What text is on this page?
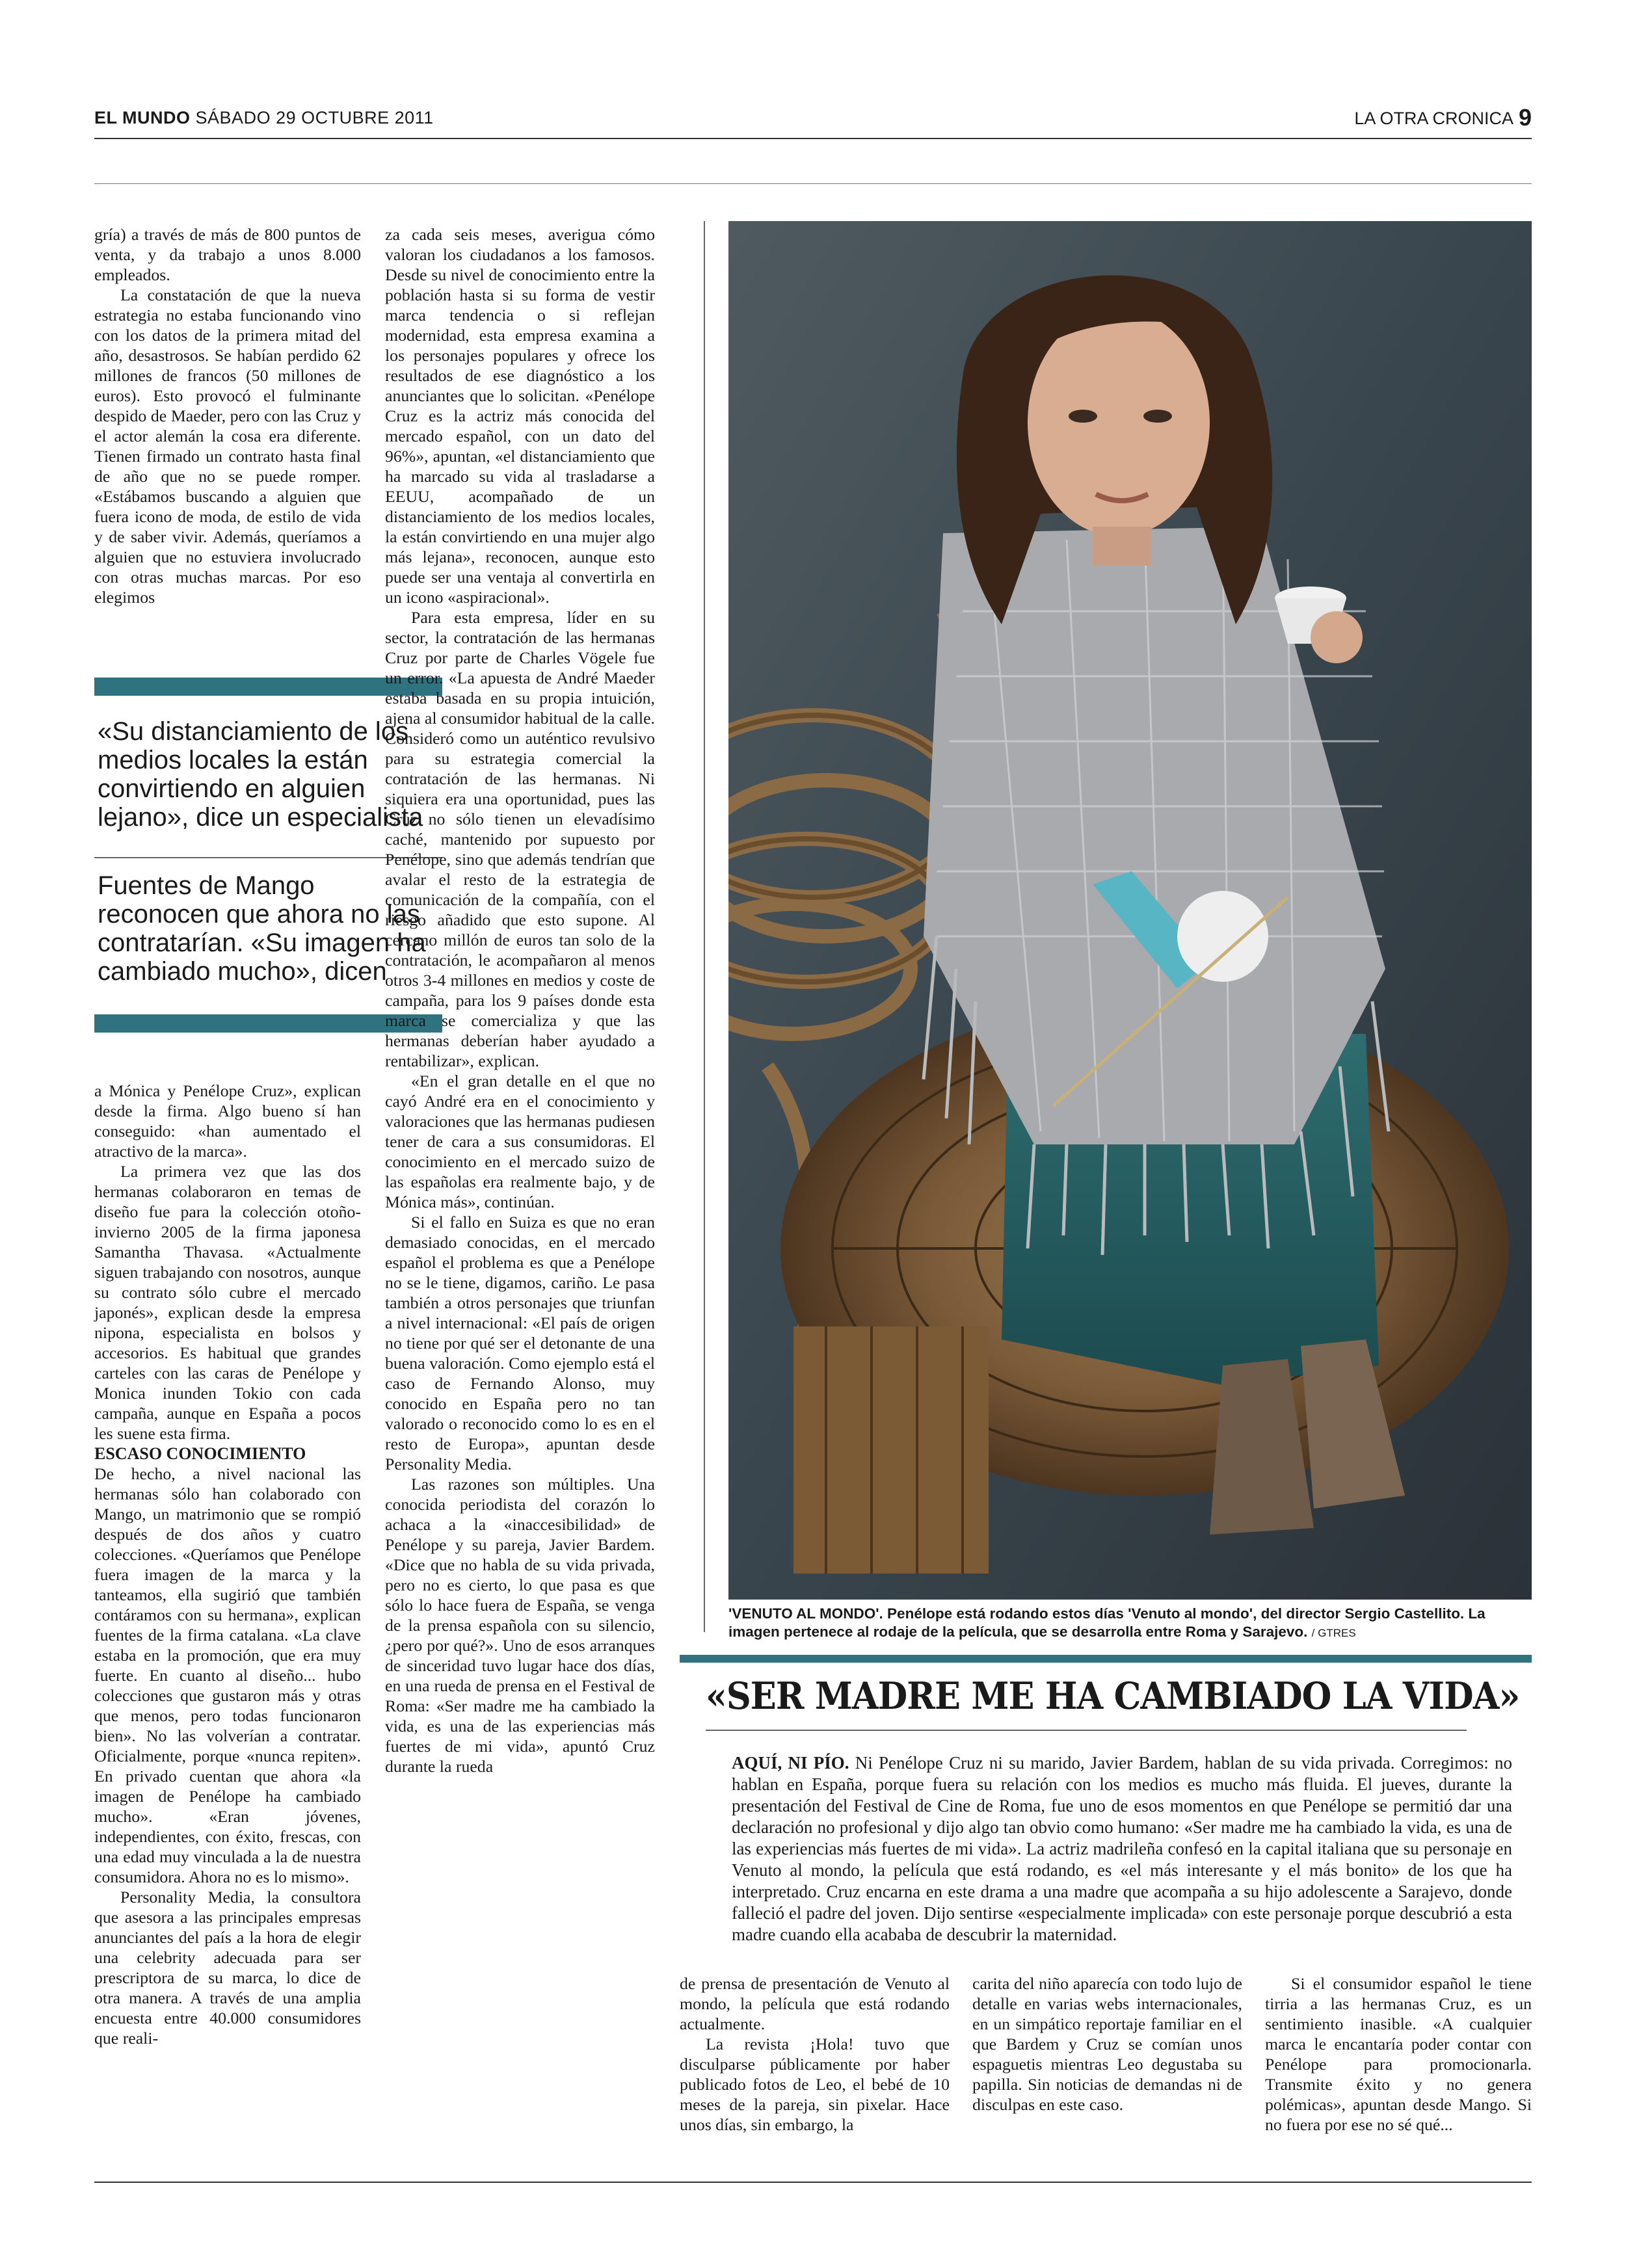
EL MUNDO SÁBADO 29 OCTUBRE 2011	LA OTRA CRONICA 9

gría) a través de más de 800 puntos de venta, y da trabajo a unos 8.000 empleados.

La constatación de que la nueva estrategia no estaba funcionando vino con los datos de la primera mitad del año, desastrosos. Se habían perdido 62 millones de francos (50 millones de euros). Esto provocó el fulminante despido de Maeder, pero con las Cruz y el actor alemán la cosa era diferente. Tienen firmado un contrato hasta final de año que no se puede romper. «Estábamos buscando a alguien que fuera icono de moda, de estilo de vida y de saber vivir. Además, queríamos a alguien que no estuviera involucrado con otras muchas marcas. Por eso elegimos

«Su distanciamiento de los medios locales la están convirtiendo en alguien lejano», dice un especialista
Fuentes de Mango reconocen que ahora no las contratarían. «Su imagen ha cambiado mucho», dicen

a Mónica y Penélope Cruz», explican desde la firma. Algo bueno sí han conseguido: «han aumentado el atractivo de la marca».

La primera vez que las dos hermanas colaboraron en temas de diseño fue para la colección otoño-invierno 2005 de la firma japonesa Samantha Thavasa. «Actualmente siguen trabajando con nosotros, aunque su contrato sólo cubre el mercado japonés», explican desde la empresa nipona, especialista en bolsos y accesorios. Es habitual que grandes carteles con las caras de Penélope y Monica inunden Tokio con cada campaña, aunque en España a pocos les suene esta firma.

ESCASO CONOCIMIENTO

De hecho, a nivel nacional las hermanas sólo han colaborado con Mango, un matrimonio que se rompió después de dos años y cuatro colecciones. «Queríamos que Penélope fuera imagen de la marca y la tanteamos, ella sugirió que también contáramos con su hermana», explican fuentes de la firma catalana. «La clave estaba en la promoción, que era muy fuerte. En cuanto al diseño... hubo colecciones que gustaron más y otras que menos, pero todas funcionaron bien». No las volverían a contratar. Oficialmente, porque «nunca repiten». En privado cuentan que ahora «la imagen de Penélope ha cambiado mucho». «Eran jóvenes, independientes, con éxito, frescas, con una edad muy vinculada a la de nuestra consumidora. Ahora no es lo mismo».

Personality Media, la consultora que asesora a las principales empresas anunciantes del país a la hora de elegir una celebrity adecuada para ser prescriptora de su marca, lo dice de otra manera. A través de una amplia encuesta entre 40.000 consumidores que reali-

za cada seis meses, averigua cómo valoran los ciudadanos a los famosos. Desde su nivel de conocimiento entre la población hasta si su forma de vestir marca tendencia o si reflejan modernidad, esta empresa examina a los personajes populares y ofrece los resultados de ese diagnóstico a los anunciantes que lo solicitan. «Penélope Cruz es la actriz más conocida del mercado español, con un dato del 96%», apuntan, «el distanciamiento que ha marcado su vida al trasladarse a EEUU, acompañado de un distanciamiento de los medios locales, la están convirtiendo en una mujer algo más lejana», reconocen, aunque esto puede ser una ventaja al convertirla en un icono «aspiracional».

Para esta empresa, líder en su sector, la contratación de las hermanas Cruz por parte de Charles Vögele fue un error. «La apuesta de André Maeder estaba basada en su propia intuición, ajena al consumidor habitual de la calle. Consideró como un auténtico revulsivo para su estrategia comercial la contratación de las hermanas. Ni siquiera era una oportunidad, pues las Cruz no sólo tienen un elevadísimo caché, mantenido por supuesto por Penélope, sino que además tendrían que avalar el resto de la estrategia de comunicación de la compañía, con el riesgo añadido que esto supone. Al cercano millón de euros tan solo de la contratación, le acompañaron al menos otros 3-4 millones en medios y coste de campaña, para los 9 países donde esta marca se comercializa y que las hermanas deberían haber ayudado a rentabilizar», explican.

«En el gran detalle en el que no cayó André era en el conocimiento y valoraciones que las hermanas pudiesen tener de cara a sus consumidoras. El conocimiento en el mercado suizo de las españolas era realmente bajo, y de Mónica más», continúan.

Si el fallo en Suiza es que no eran demasiado conocidas, en el mercado español el problema es que a Penélope no se le tiene, digamos, cariño. Le pasa también a otros personajes que triunfan a nivel internacional: «El país de origen no tiene por qué ser el detonante de una buena valoración. Como ejemplo está el caso de Fernando Alonso, muy conocido en España pero no tan valorado o reconocido como lo es en el resto de Europa», apuntan desde Personality Media.

Las razones son múltiples. Una conocida periodista del corazón lo achaca a la «inaccesibilidad» de Penélope y su pareja, Javier Bardem. «Dice que no habla de su vida privada, pero no es cierto, lo que pasa es que sólo lo hace fuera de España, se venga de la prensa española con su silencio, ¿pero por qué?». Uno de esos arranques de sinceridad tuvo lugar hace dos días, en una rueda de prensa en el Festival de Roma: «Ser madre me ha cambiado la vida, es una de las experiencias más fuertes de mi vida», apuntó Cruz durante la rueda

'VENUTO AL MONDO'. Penélope está rodando estos días 'Venuto al mondo', del director Sergio Castellito. La imagen pertenece al rodaje de la película, que se desarrolla entre Roma y Sarajevo. / GTRES
«SER MADRE ME HA CAMBIADO LA VIDA»
AQUÍ, NI PÍO. Ni Penélope Cruz ni su marido, Javier Bardem, hablan de su vida privada. Corregimos: no hablan en España, porque fuera su relación con los medios es mucho más fluida. El jueves, durante la presentación del Festival de Cine de Roma, fue uno de esos momentos en que Penélope se permitió dar una declaración no profesional y dijo algo tan obvio como humano: «Ser madre me ha cambiado la vida, es una de las experiencias más fuertes de mi vida». La actriz madrileña confesó en la capital italiana que su personaje en Venuto al mondo, la película que está rodando, es «el más interesante y el más bonito» de los que ha interpretado. Cruz encarna en este drama a una madre que acompaña a su hijo adolescente a Sarajevo, donde falleció el padre del joven. Dijo sentirse «especialmente implicada» con este personaje porque descubrió a esta madre cuando ella acababa de descubrir la maternidad.

de prensa de presentación de Venuto al mondo, la película que está rodando actualmente.

La revista ¡Hola! tuvo que disculparse públicamente por haber publicado fotos de Leo, el bebé de 10 meses de la pareja, sin pixelar. Hace unos días, sin embargo, la

carita del niño aparecía con todo lujo de detalle en varias webs internacionales, en un simpático reportaje familiar en el que Bardem y Cruz se comían unos espaguetis mientras Leo degustaba su papilla. Sin noticias de demandas ni de disculpas en este caso.

Si el consumidor español le tiene tirria a las hermanas Cruz, es un sentimiento inasible. «A cualquier marca le encantaría poder contar con Penélope para promocionarla. Transmite éxito y no genera polémicas», apuntan desde Mango. Si no fuera por ese no sé qué...
